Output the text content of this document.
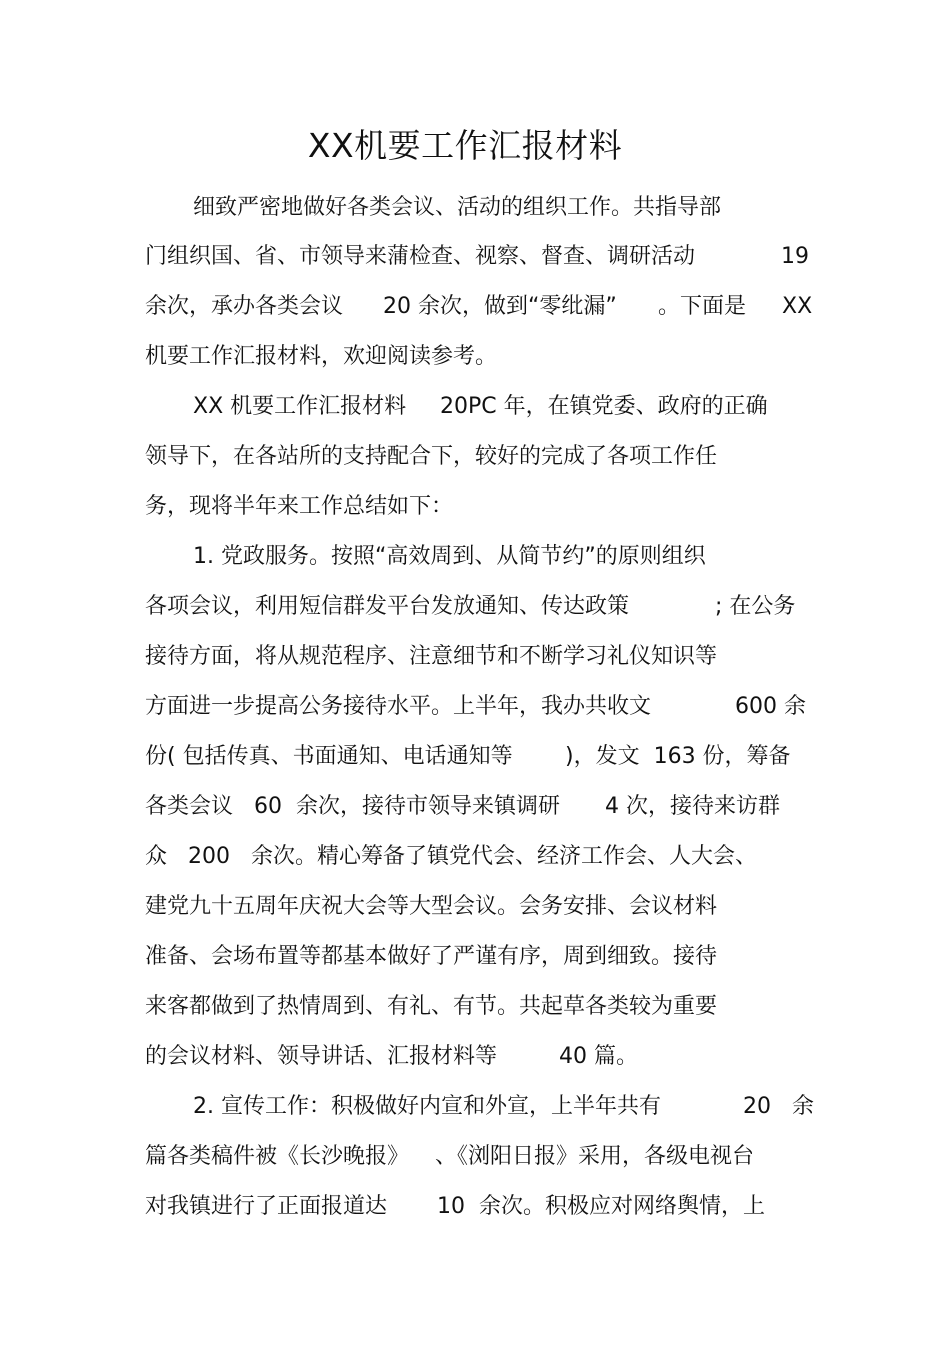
XX机要工作汇报材料

细致严密地做好各类会议、活动的组织工作。共指导部

门组织国、省、市领导来蒲检查、视察、督查、调研活动

	19

余次，承办各类会议

20 余次，做到“零纰漏”

。下面是

XX

机要工作汇报材料，欢迎阅读参考。

XX 机要工作汇报材料

20PC 年，在镇党委、政府的正确

领导下，在各站所的支持配合下，较好的完成了各项工作任

务，现将半年来工作总结如下：

1. 党政服务。按照“高效周到、从简节约”的原则组织

各项会议，利用短信群发平台发放通知、传达政策

	; 在公务

接待方面，将从规范程序、注意细节和不断学习礼仪知识等

方面进一步提高公务接待水平。上半年，我办共收文

	600 余

份( 包括传真、书面通知、电话通知等

)，发文  163 份，筹备

各类会议   60  余次，接待市领导来镇调研

4 次，接待来访群

众   200   余次。精心筹备了镇党代会、经济工作会、人大会、

建党九十五周年庆祝大会等大型会议。会务安排、会议材料

准备、会场布置等都基本做好了严谨有序，周到细致。接待

来客都做到了热情周到、有礼、有节。共起草各类较为重要

的会议材料、领导讲话、汇报材料等

	40 篇。

2. 宣传工作：积极做好内宣和外宣，上半年共有

	20   余

篇各类稿件被《长沙晚报》

、《浏阳日报》采用，各级电视台

对我镇进行了正面报道达

10  余次。积极应对网络舆情，上
